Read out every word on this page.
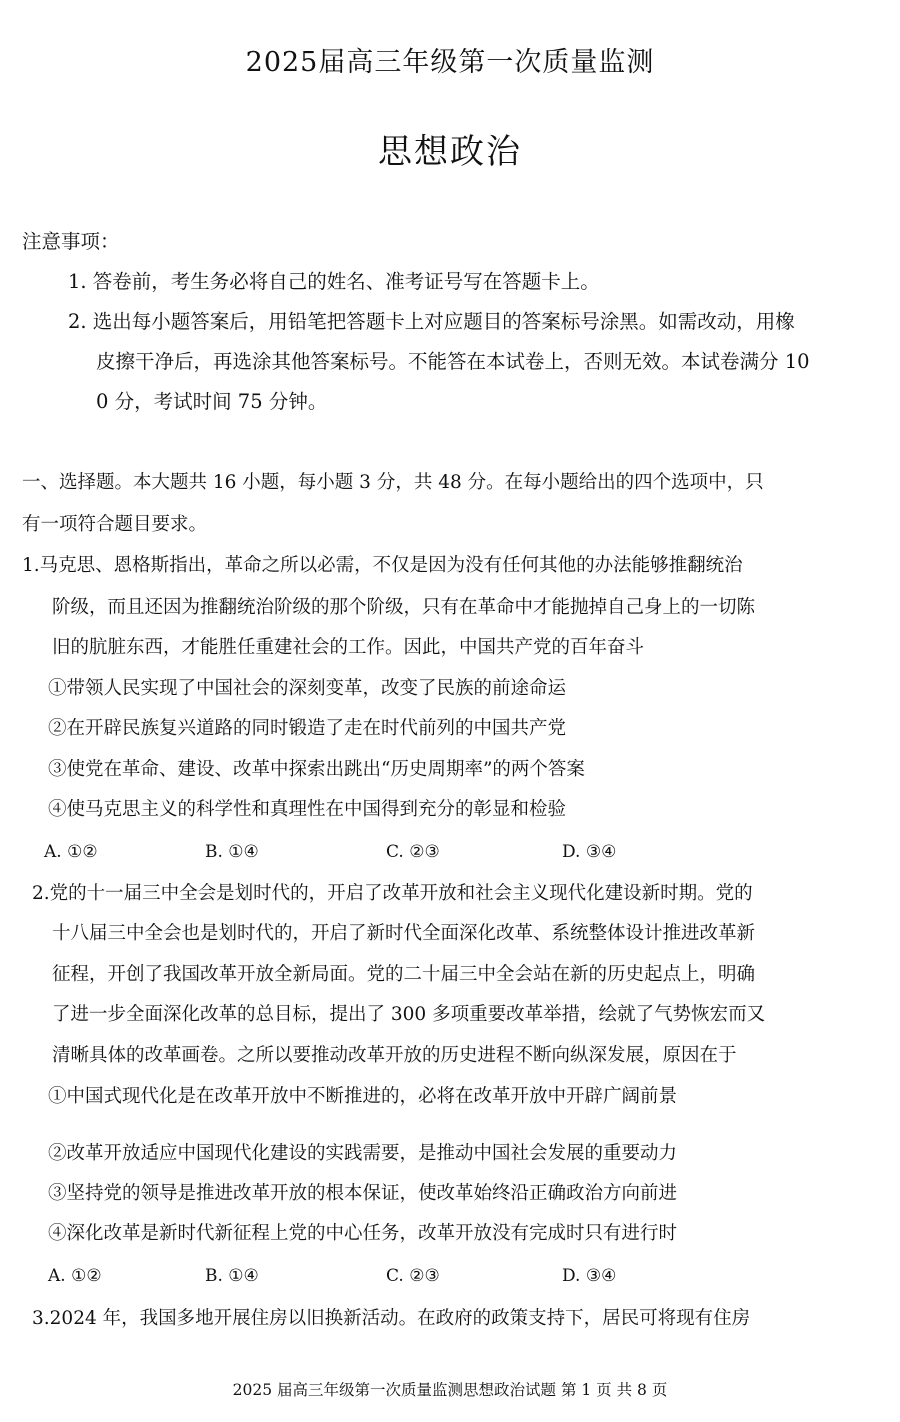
2025届高三年级第一次质量监测
思想政治
注意事项：
1. 答卷前，考生务必将自己的姓名、准考证号写在答题卡上。
2. 选出每小题答案后，用铅笔把答题卡上对应题目的答案标号涂黑。如需改动，用橡
皮擦干净后，再选涂其他答案标号。不能答在本试卷上，否则无效。本试卷满分 10
0 分，考试时间 75 分钟。
一、选择题。本大题共 16 小题，每小题 3 分，共 48 分。在每小题给出的四个选项中，只
有一项符合题目要求。
1.马克思、恩格斯指出，革命之所以必需，不仅是因为没有任何其他的办法能够推翻统治
阶级，而且还因为推翻统治阶级的那个阶级，只有在革命中才能抛掉自己身上的一切陈
旧的肮脏东西，才能胜任重建社会的工作。因此，中国共产党的百年奋斗
①带领人民实现了中国社会的深刻变革，改变了民族的前途命运
②在开辟民族复兴道路的同时锻造了走在时代前列的中国共产党
③使党在革命、建设、改革中探索出跳出“历史周期率”的两个答案
④使马克思主义的科学性和真理性在中国得到充分的彰显和检验
A. ①②	B. ①④	C. ②③	D. ③④
2.党的十一届三中全会是划时代的，开启了改革开放和社会主义现代化建设新时期。党的
十八届三中全会也是划时代的，开启了新时代全面深化改革、系统整体设计推进改革新
征程，开创了我国改革开放全新局面。党的二十届三中全会站在新的历史起点上，明确
了进一步全面深化改革的总目标，提出了 300 多项重要改革举措，绘就了气势恢宏而又
清晰具体的改革画卷。之所以要推动改革开放的历史进程不断向纵深发展，原因在于
①中国式现代化是在改革开放中不断推进的，必将在改革开放中开辟广阔前景
②改革开放适应中国现代化建设的实践需要，是推动中国社会发展的重要动力
③坚持党的领导是推进改革开放的根本保证，使改革始终沿正确政治方向前进
④深化改革是新时代新征程上党的中心任务，改革开放没有完成时只有进行时
A. ①②	B. ①④	C. ②③	D. ③④
3.2024 年，我国多地开展住房以旧换新活动。在政府的政策支持下，居民可将现有住房
2025 届高三年级第一次质量监测思想政治试题 第 1 页 共 8 页
